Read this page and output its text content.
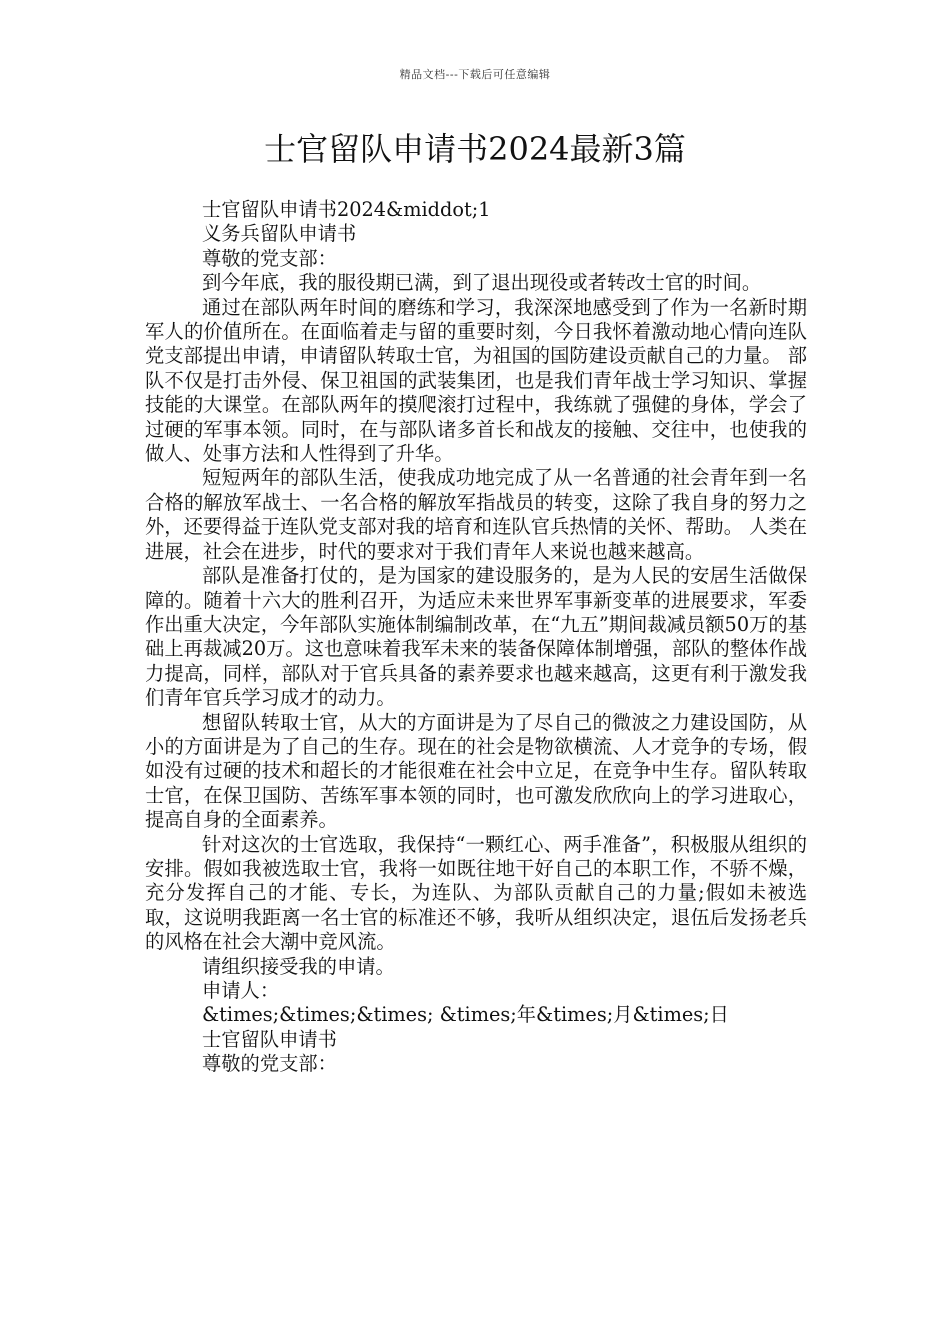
精品文档---下载后可任意编辑
士官留队申请书2024最新3篇

士官留队申请书2024&middot;1

义务兵留队申请书

尊敬的党支部：

到今年底，我的服役期已满，到了退出现役或者转改士官的时间。

通过在部队两年时间的磨练和学习，我深深地感受到了作为一名新时期军人的价值所在。在面临着走与留的重要时刻，今日我怀着激动地心情向连队党支部提出申请，申请留队转取士官，为祖国的国防建设贡献自己的力量。 部队不仅是打击外侵、保卫祖国的武装集团，也是我们青年战士学习知识、掌握技能的大课堂。在部队两年的摸爬滚打过程中，我练就了强健的身体，学会了过硬的军事本领。同时，在与部队诸多首长和战友的接触、交往中，也使我的做人、处事方法和人性得到了升华。

短短两年的部队生活，使我成功地完成了从一名普通的社会青年到一名合格的解放军战士、一名合格的解放军指战员的转变，这除了我自身的努力之外，还要得益于连队党支部对我的培育和连队官兵热情的关怀、帮助。 人类在进展，社会在进步，时代的要求对于我们青年人来说也越来越高。

部队是准备打仗的，是为国家的建设服务的，是为人民的安居生活做保障的。随着十六大的胜利召开，为适应未来世界军事新变革的进展要求，军委作出重大决定，今年部队实施体制编制改革，在“九五”期间裁减员额50万的基础上再裁减20万。这也意味着我军未来的装备保障体制增强，部队的整体作战力提高，同样，部队对于官兵具备的素养要求也越来越高，这更有利于激发我们青年官兵学习成才的动力。

想留队转取士官，从大的方面讲是为了尽自己的微波之力建设国防，从小的方面讲是为了自己的生存。现在的社会是物欲横流、人才竞争的专场，假如没有过硬的技术和超长的才能很难在社会中立足，在竞争中生存。留队转取士官，在保卫国防、苦练军事本领的同时，也可激发欣欣向上的学习进取心，提高自身的全面素养。

针对这次的士官选取，我保持“一颗红心、两手准备”，积极服从组织的安排。假如我被选取士官，我将一如既往地干好自己的本职工作，不骄不燥，充分发挥自己的才能、专长，为连队、为部队贡献自己的力量;假如未被选取，这说明我距离一名士官的标准还不够，我听从组织决定，退伍后发扬老兵的风格在社会大潮中竞风流。

请组织接受我的申请。

申请人：

&times;&times;&times; &times;年&times;月&times;日

士官留队申请书

尊敬的党支部：
